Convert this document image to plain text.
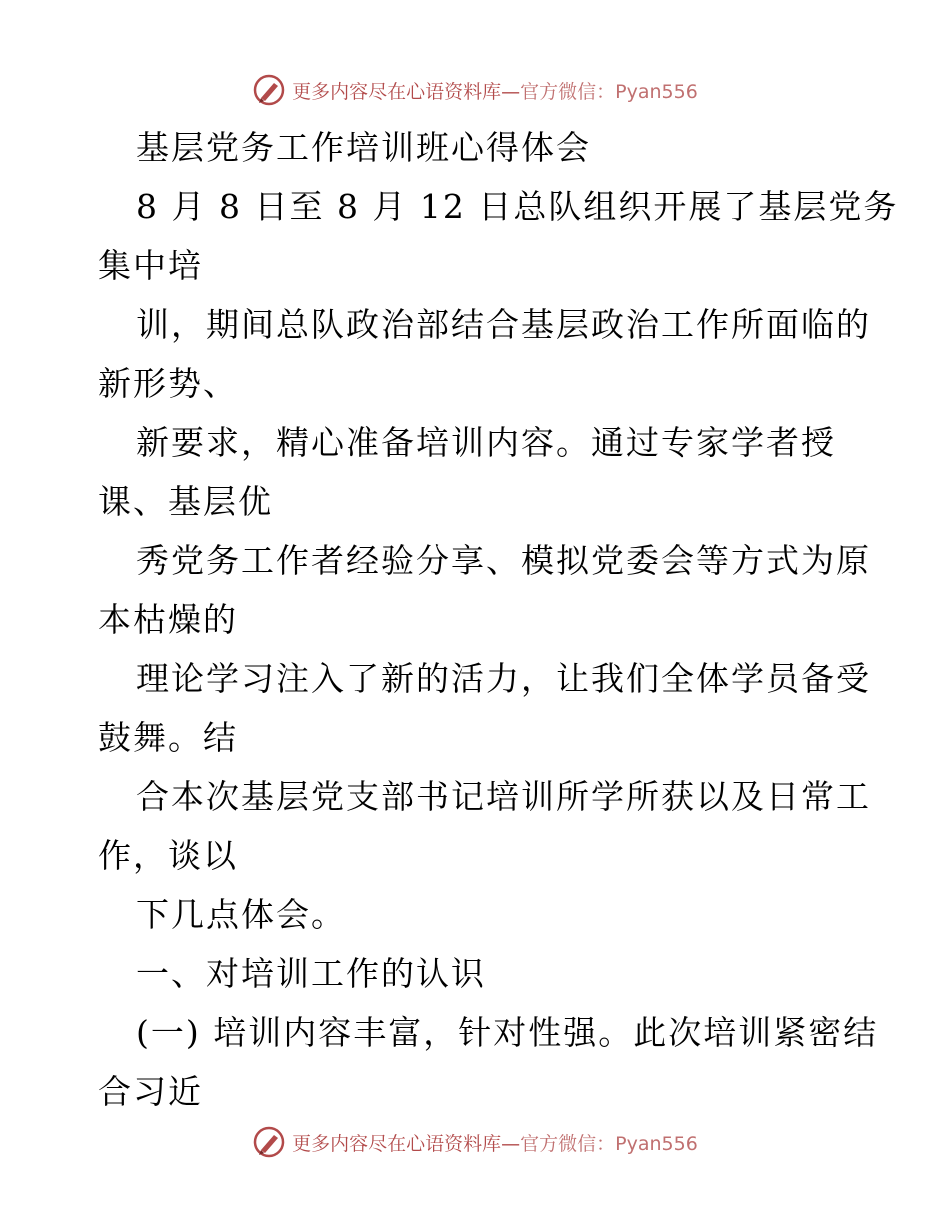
更多内容尽在心语资料库—官方微信：Pyan556
基层党务工作培训班心得体会
8 月 8 日至 8 月 12 日总队组织开展了基层党务
集中培
训，期间总队政治部结合基层政治工作所面临的
新形势、
新要求，精心准备培训内容。通过专家学者授
课、基层优
秀党务工作者经验分享、模拟党委会等方式为原
本枯燥的
理论学习注入了新的活力，让我们全体学员备受
鼓舞。结
合本次基层党支部书记培训所学所获以及日常工
作，谈以
下几点体会。
一、对培训工作的认识
(一) 培训内容丰富，针对性强。此次培训紧密结
合习近
更多内容尽在心语资料库—官方微信：Pyan556
